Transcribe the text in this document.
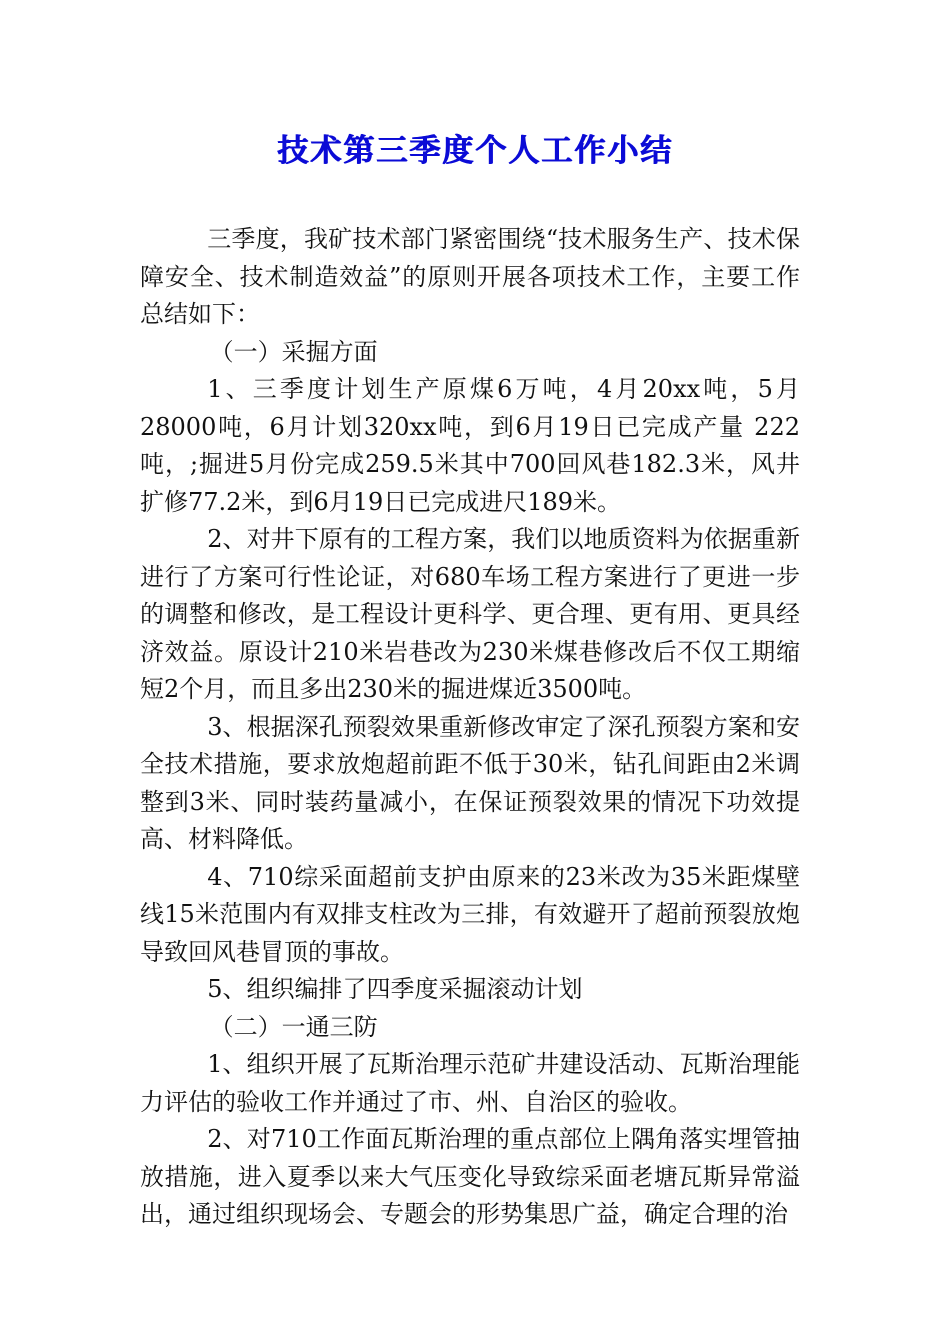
技术第三季度个人工作小结

三季度，我矿技术部门紧密围绕“技术服务生产、技术保障安全、技术制造效益”的原则开展各项技术工作，主要工作总结如下：

（一）采掘方面

1、三季度计划生产原煤6万吨，4月20xx吨，5月28000吨，6月计划320xx吨，到6月19日已完成产量 222吨，;掘进5月份完成259.5米其中700回风巷182.3米，风井扩修77.2米，到6月19日已完成进尺189米。

2、对井下原有的工程方案，我们以地质资料为依据重新进行了方案可行性论证，对680车场工程方案进行了更进一步的调整和修改，是工程设计更科学、更合理、更有用、更具经济效益。原设计210米岩巷改为230米煤巷修改后不仅工期缩短2个月，而且多出230米的掘进煤近3500吨。

3、根据深孔预裂效果重新修改审定了深孔预裂方案和安全技术措施，要求放炮超前距不低于30米，钻孔间距由2米调整到3米、同时装药量减小，在保证预裂效果的情况下功效提高、材料降低。

4、710综采面超前支护由原来的23米改为35米距煤壁线15米范围内有双排支柱改为三排，有效避开了超前预裂放炮导致回风巷冒顶的事故。

5、组织编排了四季度采掘滚动计划

（二）一通三防

1、组织开展了瓦斯治理示范矿井建设活动、瓦斯治理能力评估的验收工作并通过了市、州、自治区的验收。

2、对710工作面瓦斯治理的重点部位上隅角落实埋管抽放措施，进入夏季以来大气压变化导致综采面老塘瓦斯异常溢出，通过组织现场会、专题会的形势集思广益，确定合理的治
